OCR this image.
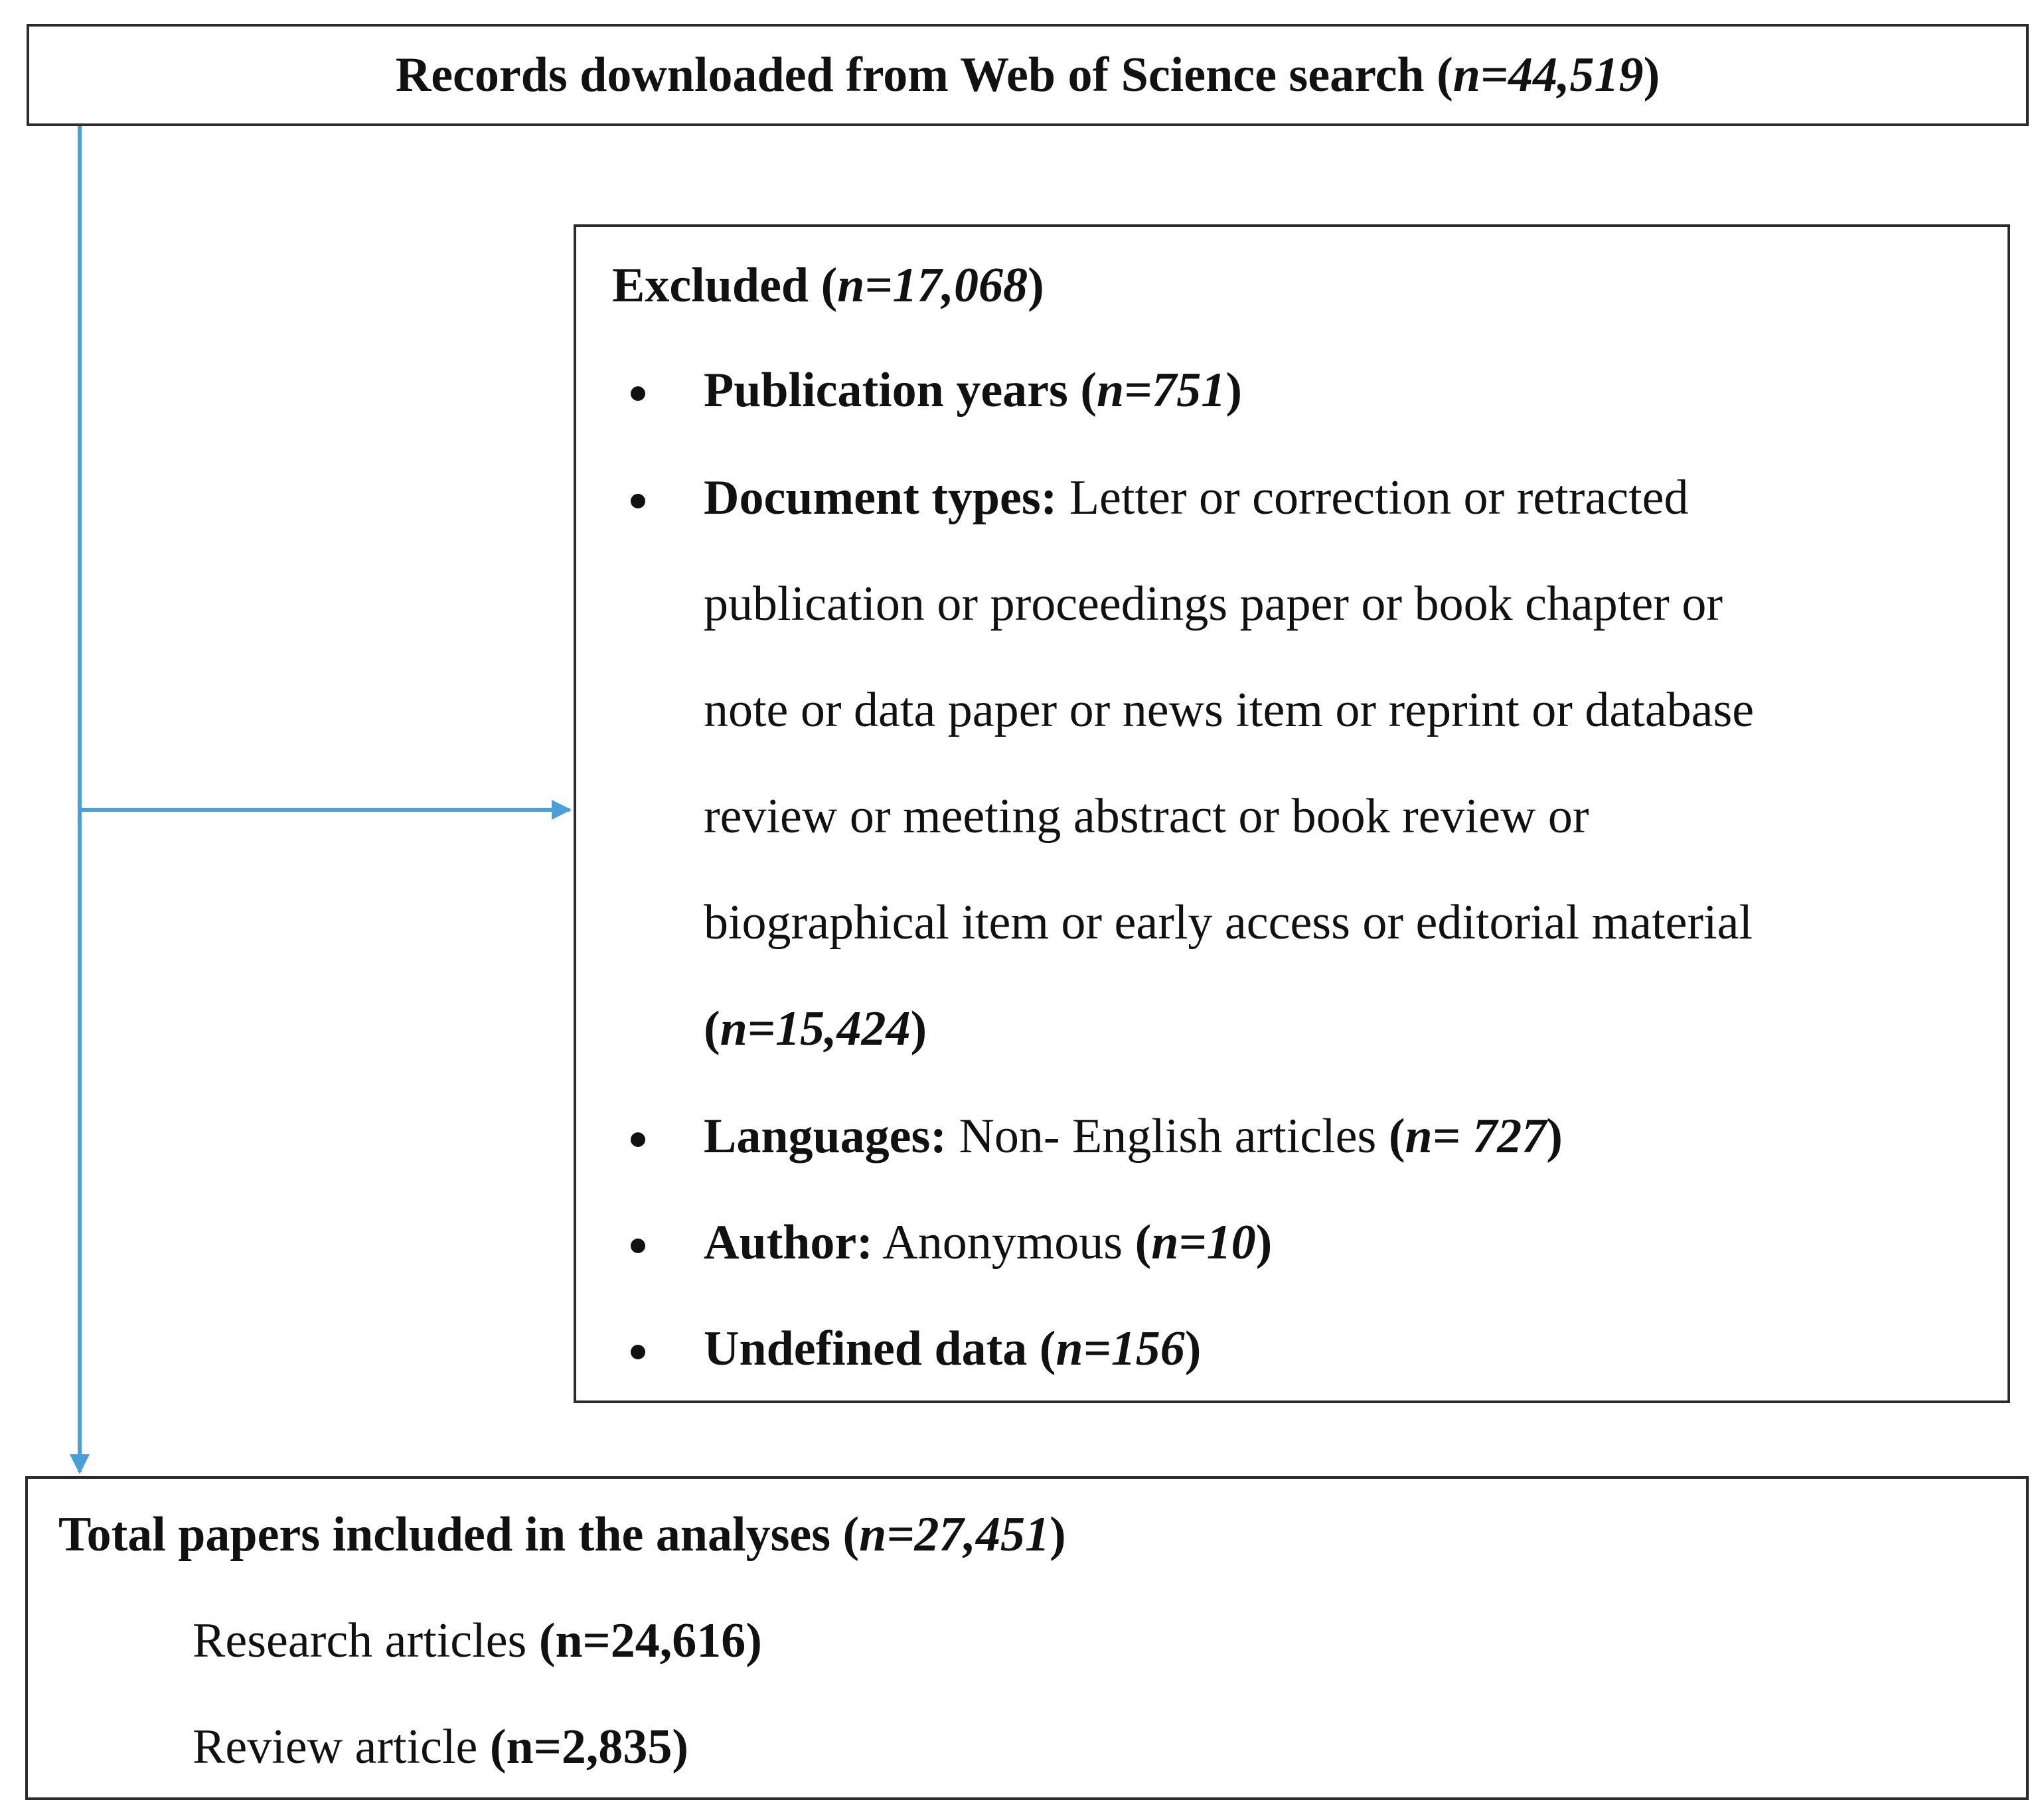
Records downloaded from Web of Science search (n=44,519)
Excluded (n=17,068)
Publication years (n=751)
Document types: Letter or correction or retracted
publication or proceedings paper or book chapter or
note or data paper or news item or reprint or database
review or meeting abstract or book review or
biographical item or early access or editorial material
(n=15,424)
Languages: Non- English articles (n= 727)
Author: Anonymous (n=10)
Undefined data (n=156)
Total papers included in the analyses (n=27,451)
Research articles (n=24,616)
Review article (n=2,835)
